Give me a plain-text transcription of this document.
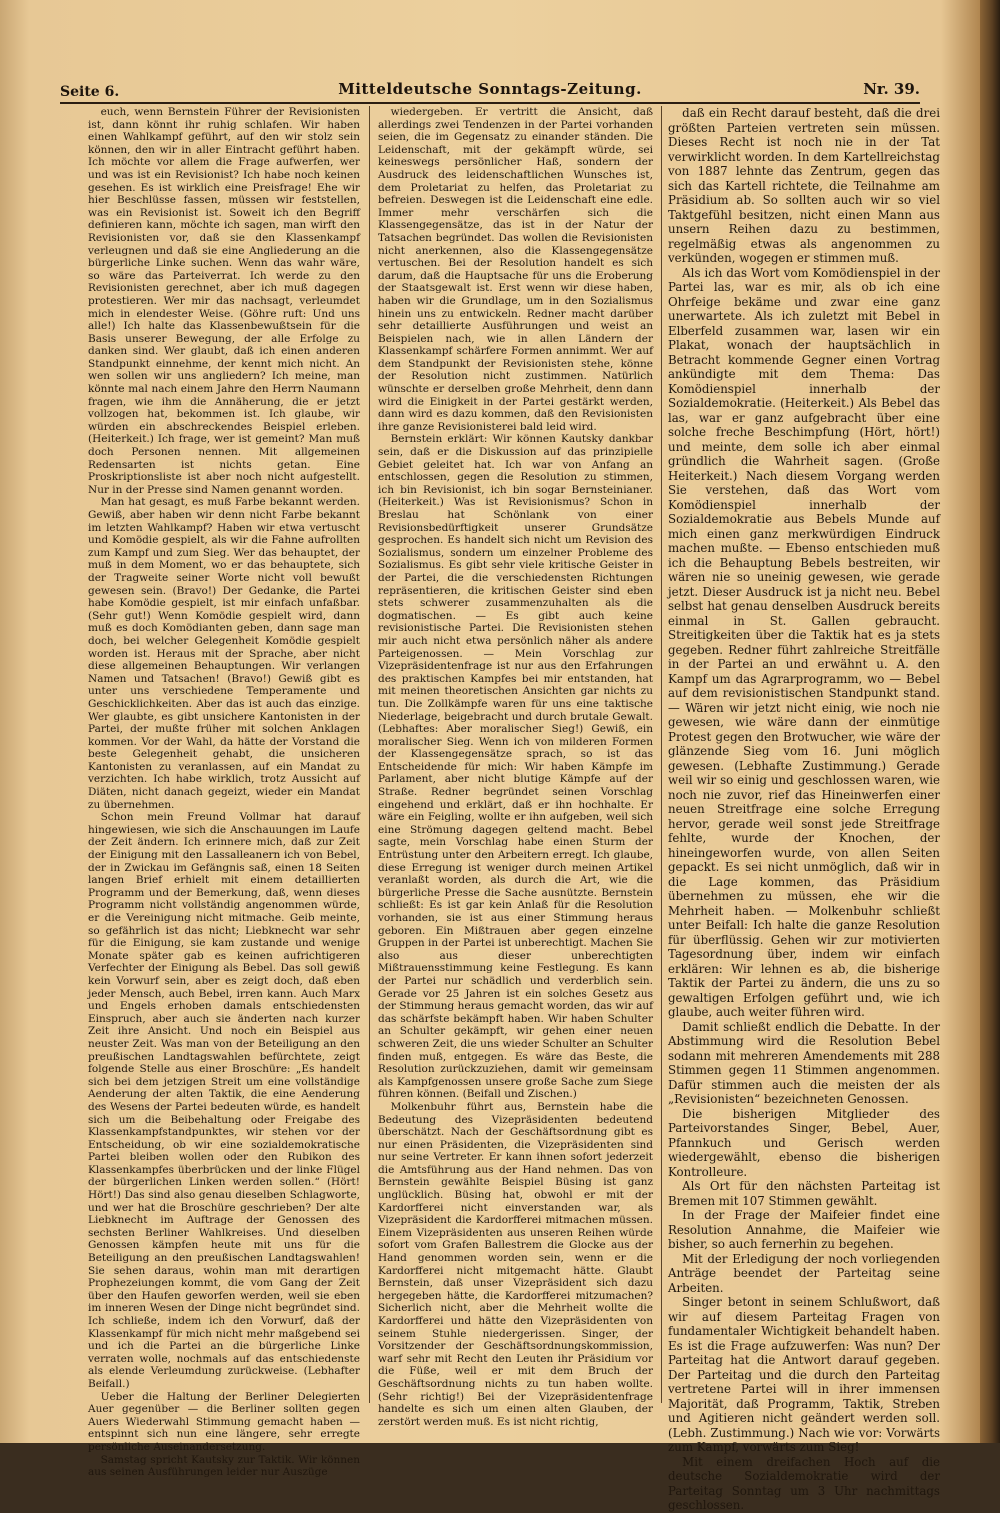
Seite 6.	Mitteldeutsche Sonntags-Zeitung.	Nr. 39.

euch, wenn Bernstein Führer der Revisionisten ist, dann könnt ihr ruhig schlafen. Wir haben einen Wahlkampf geführt, auf den wir stolz sein können, den wir in aller Eintracht geführt haben. Ich möchte vor allem die Frage aufwerfen, wer und was ist ein Revisionist? Ich habe noch keinen gesehen. Es ist wirklich eine Preisfrage! Ehe wir hier Beschlüsse fassen, müssen wir feststellen, was ein Revisionist ist. Soweit ich den Begriff definieren kann, möchte ich sagen, man wirft den Revisionisten vor, daß sie den Klassenkampf verleugnen und daß sie eine Angliederung an die bürgerliche Linke suchen. Wenn das wahr wäre, so wäre das Parteiverrat. Ich werde zu den Revisionisten gerechnet, aber ich muß dagegen protestieren. Wer mir das nachsagt, verleumdet mich in elendester Weise. (Göhre ruft: Und uns alle!) Ich halte das Klassenbewußtsein für die Basis unserer Bewegung, der alle Erfolge zu danken sind. Wer glaubt, daß ich einen anderen Standpunkt einnehme, der kennt mich nicht. An wen sollen wir uns angliedern? Ich meine, man könnte mal nach einem Jahre den Herrn Naumann fragen, wie ihm die Annäherung, die er jetzt vollzogen hat, bekommen ist. Ich glaube, wir würden ein abschreckendes Beispiel erleben. (Heiterkeit.) Ich frage, wer ist gemeint? Man muß doch Personen nennen. Mit allgemeinen Redensarten ist nichts getan. Eine Proskriptionsliste ist aber noch nicht aufgestellt. Nur in der Presse sind Namen genannt worden.

Man hat gesagt, es muß Farbe bekannt werden. Gewiß, aber haben wir denn nicht Farbe bekannt im letzten Wahlkampf? Haben wir etwa vertuscht und Komödie gespielt, als wir die Fahne aufrollten zum Kampf und zum Sieg. Wer das behauptet, der muß in dem Moment, wo er das behauptete, sich der Tragweite seiner Worte nicht voll bewußt gewesen sein. (Bravo!) Der Gedanke, die Partei habe Komödie gespielt, ist mir einfach unfaßbar. (Sehr gut!) Wenn Komödie gespielt wird, dann muß es doch Komödianten geben, dann sage man doch, bei welcher Gelegenheit Komödie gespielt worden ist. Heraus mit der Sprache, aber nicht diese allgemeinen Behauptungen. Wir verlangen Namen und Tatsachen! (Bravo!) Gewiß gibt es unter uns verschiedene Temperamente und Geschicklichkeiten. Aber das ist auch das einzige. Wer glaubte, es gibt unsichere Kantonisten in der Partei, der mußte früher mit solchen Anklagen kommen. Vor der Wahl, da hätte der Vorstand die beste Gelegenheit gehabt, die unsicheren Kantonisten zu veranlassen, auf ein Mandat zu verzichten. Ich habe wirklich, trotz Aussicht auf Diäten, nicht danach gegeizt, wieder ein Mandat zu übernehmen.

Schon mein Freund Vollmar hat darauf hingewiesen, wie sich die Anschauungen im Laufe der Zeit ändern. Ich erinnere mich, daß zur Zeit der Einigung mit den Lassalleanern ich von Bebel, der in Zwickau im Gefängnis saß, einen 18 Seiten langen Brief erhielt mit einem detaillierten Programm und der Bemerkung, daß, wenn dieses Programm nicht vollständig angenommen würde, er die Vereinigung nicht mitmache. Geib meinte, so gefährlich ist das nicht; Liebknecht war sehr für die Einigung, sie kam zustande und wenige Monate später gab es keinen aufrichtigeren Verfechter der Einigung als Bebel. Das soll gewiß kein Vorwurf sein, aber es zeigt doch, daß eben jeder Mensch, auch Bebel, irren kann. Auch Marx und Engels erhoben damals entschiedensten Einspruch, aber auch sie änderten nach kurzer Zeit ihre Ansicht. Und noch ein Beispiel aus neuster Zeit. Was man von der Beteiligung an den preußischen Landtagswahlen befürchtete, zeigt folgende Stelle aus einer Broschüre: „Es handelt sich bei dem jetzigen Streit um eine vollständige Aenderung der alten Taktik, die eine Aenderung des Wesens der Partei bedeuten würde, es handelt sich um die Beibehaltung oder Freigabe des Klassenkampfstandpunktes, wir stehen vor der Entscheidung, ob wir eine sozialdemokratische Partei bleiben wollen oder den Rubikon des Klassenkampfes überbrücken und der linke Flügel der bürgerlichen Linken werden sollen.“ (Hört! Hört!) Das sind also genau dieselben Schlagworte, und wer hat die Broschüre geschrieben? Der alte Liebknecht im Auftrage der Genossen des sechsten Berliner Wahlkreises. Und dieselben Genossen kämpfen heute mit uns für die Beteiligung an den preußischen Landtagswahlen! Sie sehen daraus, wohin man mit derartigen Prophezeiungen kommt, die vom Gang der Zeit über den Haufen geworfen werden, weil sie eben im inneren Wesen der Dinge nicht begründet sind. Ich schließe, indem ich den Vorwurf, daß der Klassenkampf für mich nicht mehr maßgebend sei und ich die Partei an die bürgerliche Linke verraten wolle, nochmals auf das entschiedenste als elende Verleumdung zurückweise. (Lebhafter Beifall.)

Ueber die Haltung der Berliner Delegierten Auer gegenüber — die Berliner sollten gegen Auers Wiederwahl Stimmung gemacht haben — entspinnt sich nun eine längere, sehr erregte persönliche Auseinandersetzung.

Samstag spricht Kautsky zur Taktik. Wir können aus seinen Ausführungen leider nur Auszüge

wiedergeben. Er vertritt die Ansicht, daß allerdings zwei Tendenzen in der Partei vorhanden seien, die im Gegensatz zu einander ständen. Die Leidenschaft, mit der gekämpft würde, sei keineswegs persönlicher Haß, sondern der Ausdruck des leidenschaftlichen Wunsches ist, dem Proletariat zu helfen, das Proletariat zu befreien. Deswegen ist die Leidenschaft eine edle. Immer mehr verschärfen sich die Klassengegensätze, das ist in der Natur der Tatsachen begründet. Das wollen die Revisionisten nicht anerkennen, also die Klassengegensätze vertuschen. Bei der Resolution handelt es sich darum, daß die Hauptsache für uns die Eroberung der Staatsgewalt ist. Erst wenn wir diese haben, haben wir die Grundlage, um in den Sozialismus hinein uns zu entwickeln. Redner macht darüber sehr detaillierte Ausführungen und weist an Beispielen nach, wie in allen Ländern der Klassenkampf schärfere Formen annimmt. Wer auf dem Standpunkt der Revisionisten stehe, könne der Resolution nicht zustimmen. Natürlich wünschte er derselben große Mehrheit, denn dann wird die Einigkeit in der Partei gestärkt werden, dann wird es dazu kommen, daß den Revisionisten ihre ganze Revisionisterei bald leid wird.

Bernstein erklärt: Wir können Kautsky dankbar sein, daß er die Diskussion auf das prinzipielle Gebiet geleitet hat. Ich war von Anfang an entschlossen, gegen die Resolution zu stimmen, ich bin Revisionist, ich bin sogar Bernsteinianer. (Heiterkeit.) Was ist Revisionismus? Schon in Breslau hat Schönlank von einer Revisionsbedürftigkeit unserer Grundsätze gesprochen. Es handelt sich nicht um Revision des Sozialismus, sondern um einzelner Probleme des Sozialismus. Es gibt sehr viele kritische Geister in der Partei, die die verschiedensten Richtungen repräsentieren, die kritischen Geister sind eben stets schwerer zusammenzuhalten als die dogmatischen. — Es gibt auch keine revisionistische Partei. Die Revisionisten stehen mir auch nicht etwa persönlich näher als andere Parteigenossen. — Mein Vorschlag zur Vizepräsidentenfrage ist nur aus den Erfahrungen des praktischen Kampfes bei mir entstanden, hat mit meinen theoretischen Ansichten gar nichts zu tun. Die Zollkämpfe waren für uns eine taktische Niederlage, beigebracht und durch brutale Gewalt. (Lebhaftes: Aber moralischer Sieg!) Gewiß, ein moralischer Sieg. Wenn ich von milderen Formen der Klassengegensätze sprach, so ist das Entscheidende für mich: Wir haben Kämpfe im Parlament, aber nicht blutige Kämpfe auf der Straße. Redner begründet seinen Vorschlag eingehend und erklärt, daß er ihn hochhalte. Er wäre ein Feigling, wollte er ihn aufgeben, weil sich eine Strömung dagegen geltend macht. Bebel sagte, mein Vorschlag habe einen Sturm der Entrüstung unter den Arbeitern erregt. Ich glaube, diese Erregung ist weniger durch meinen Artikel veranlaßt worden, als durch die Art, wie die bürgerliche Presse die Sache ausnützte. Bernstein schließt: Es ist gar kein Anlaß für die Resolution vorhanden, sie ist aus einer Stimmung heraus geboren. Ein Mißtrauen aber gegen einzelne Gruppen in der Partei ist unberechtigt. Machen Sie also aus dieser unberechtigten Mißtrauensstimmung keine Festlegung. Es kann der Partei nur schädlich und verderblich sein. Gerade vor 25 Jahren ist ein solches Gesetz aus der Stimmung heraus gemacht worden, das wir auf das schärfste bekämpft haben. Wir haben Schulter an Schulter gekämpft, wir gehen einer neuen schweren Zeit, die uns wieder Schulter an Schulter finden muß, entgegen. Es wäre das Beste, die Resolution zurückzuziehen, damit wir gemeinsam als Kampfgenossen unsere große Sache zum Siege führen können. (Beifall und Zischen.)

Molkenbuhr führt aus, Bernstein habe die Bedeutung des Vizepräsidenten bedeutend überschätzt. Nach der Geschäftsordnung gibt es nur einen Präsidenten, die Vizepräsidenten sind nur seine Vertreter. Er kann ihnen sofort jederzeit die Amtsführung aus der Hand nehmen. Das von Bernstein gewählte Beispiel Büsing ist ganz unglücklich. Büsing hat, obwohl er mit der Kardorfferei nicht einverstanden war, als Vizepräsident die Kardorfferei mitmachen müssen. Einem Vizepräsidenten aus unseren Reihen würde sofort vom Grafen Ballestrem die Glocke aus der Hand genommen worden sein, wenn er die Kardorfferei nicht mitgemacht hätte. Glaubt Bernstein, daß unser Vizepräsident sich dazu hergegeben hätte, die Kardorfferei mitzumachen? Sicherlich nicht, aber die Mehrheit wollte die Kardorfferei und hätte den Vizepräsidenten von seinem Stuhle niedergerissen. Singer, der Vorsitzender der Geschäftsordnungskommission, warf sehr mit Recht den Leuten ihr Präsidium vor die Füße, weil er mit dem Bruch der Geschäftsordnung nichts zu tun haben wollte. (Sehr richtig!) Bei der Vizepräsidentenfrage handelte es sich um einen alten Glauben, der zerstört werden muß. Es ist nicht richtig,

daß ein Recht darauf besteht, daß die drei größten Parteien vertreten sein müssen. Dieses Recht ist noch nie in der Tat verwirklicht worden. In dem Kartellreichstag von 1887 lehnte das Zentrum, gegen das sich das Kartell richtete, die Teilnahme am Präsidium ab. So sollten auch wir so viel Taktgefühl besitzen, nicht einen Mann aus unsern Reihen dazu zu bestimmen, regelmäßig etwas als angenommen zu verkünden, wogegen er stimmen muß.

Als ich das Wort vom Komödienspiel in der Partei las, war es mir, als ob ich eine Ohrfeige bekäme und zwar eine ganz unerwartete. Als ich zuletzt mit Bebel in Elberfeld zusammen war, lasen wir ein Plakat, wonach der hauptsächlich in Betracht kommende Gegner einen Vortrag ankündigte mit dem Thema: Das Komödienspiel innerhalb der Sozialdemokratie. (Heiterkeit.) Als Bebel das las, war er ganz aufgebracht über eine solche freche Beschimpfung (Hört, hört!) und meinte, dem solle ich aber einmal gründlich die Wahrheit sagen. (Große Heiterkeit.) Nach diesem Vorgang werden Sie verstehen, daß das Wort vom Komödienspiel innerhalb der Sozialdemokratie aus Bebels Munde auf mich einen ganz merkwürdigen Eindruck machen mußte. — Ebenso entschieden muß ich die Behauptung Bebels bestreiten, wir wären nie so uneinig gewesen, wie gerade jetzt. Dieser Ausdruck ist ja nicht neu. Bebel selbst hat genau denselben Ausdruck bereits einmal in St. Gallen gebraucht. Streitigkeiten über die Taktik hat es ja stets gegeben. Redner führt zahlreiche Streitfälle in der Partei an und erwähnt u. A. den Kampf um das Agrarprogramm, wo — Bebel auf dem revisionistischen Standpunkt stand. — Wären wir jetzt nicht einig, wie noch nie gewesen, wie wäre dann der einmütige Protest gegen den Brotwucher, wie wäre der glänzende Sieg vom 16. Juni möglich gewesen. (Lebhafte Zustimmung.) Gerade weil wir so einig und geschlossen waren, wie noch nie zuvor, rief das Hineinwerfen einer neuen Streitfrage eine solche Erregung hervor, gerade weil sonst jede Streitfrage fehlte, wurde der Knochen, der hineingeworfen wurde, von allen Seiten gepackt. Es sei nicht unmöglich, daß wir in die Lage kommen, das Präsidium übernehmen zu müssen, ehe wir die Mehrheit haben. — Molkenbuhr schließt unter Beifall: Ich halte die ganze Resolution für überflüssig. Gehen wir zur motivierten Tagesordnung über, indem wir einfach erklären: Wir lehnen es ab, die bisherige Taktik der Partei zu ändern, die uns zu so gewaltigen Erfolgen geführt und, wie ich glaube, auch weiter führen wird.

Damit schließt endlich die Debatte. In der Abstimmung wird die Resolution Bebel sodann mit mehreren Amendements mit 288 Stimmen gegen 11 Stimmen angenommen. Dafür stimmen auch die meisten der als „Revisionisten“ bezeichneten Genossen.

Die bisherigen Mitglieder des Parteivorstandes Singer, Bebel, Auer, Pfannkuch und Gerisch werden wiedergewählt, ebenso die bisherigen Kontrolleure.

Als Ort für den nächsten Parteitag ist Bremen mit 107 Stimmen gewählt.

In der Frage der Maifeier findet eine Resolution Annahme, die Maifeier wie bisher, so auch fernerhin zu begehen.

Mit der Erledigung der noch vorliegenden Anträge beendet der Parteitag seine Arbeiten.

Singer betont in seinem Schlußwort, daß wir auf diesem Parteitag Fragen von fundamentaler Wichtigkeit behandelt haben. Es ist die Frage aufzuwerfen: Was nun? Der Parteitag hat die Antwort darauf gegeben. Der Parteitag und die durch den Parteitag vertretene Partei will in ihrer immensen Majorität, daß Programm, Taktik, Streben und Agitieren nicht geändert werden soll. (Lebh. Zustimmung.) Nach wie vor: Vorwärts zum Kampf, vorwärts zum Sieg!

Mit einem dreifachen Hoch auf die deutsche Sozialdemokratie wird der Parteitag Sonntag um 3 Uhr nachmittags geschlossen.
